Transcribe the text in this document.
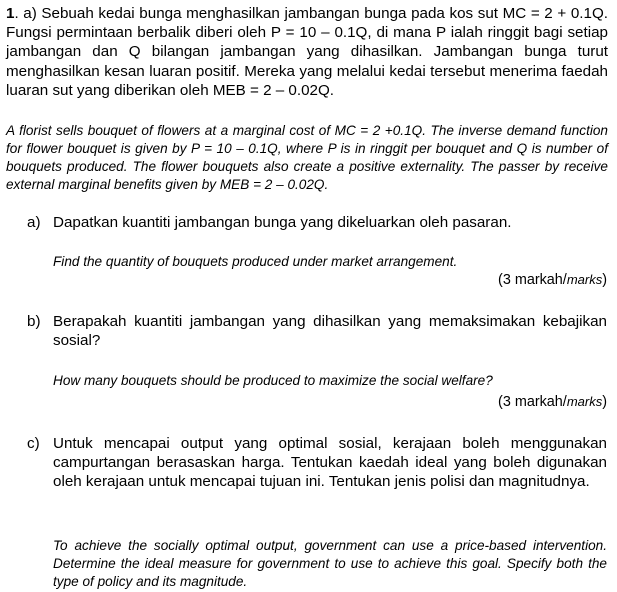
1. a) Sebuah kedai bunga menghasilkan jambangan bunga pada kos sut MC = 2 + 0.1Q. Fungsi permintaan berbalik diberi oleh P = 10 – 0.1Q, di mana P ialah ringgit bagi setiap jambangan dan Q bilangan jambangan yang dihasilkan. Jambangan bunga turut menghasilkan kesan luaran positif. Mereka yang melalui kedai tersebut menerima faedah luaran sut yang diberikan oleh MEB = 2 – 0.02Q.

A florist sells bouquet of flowers at a marginal cost of MC = 2 +0.1Q. The inverse demand function for flower bouquet is given by P = 10 – 0.1Q, where P is in ringgit per bouquet and Q is number of bouquets produced. The flower bouquets also create a positive externality. The passer by receive external marginal benefits given by MEB = 2 – 0.02Q.

a) Dapatkan kuantiti jambangan bunga yang dikeluarkan oleh pasaran.

Find the quantity of bouquets produced under market arrangement.

(3 markah/marks)
b) Berapakah kuantiti jambangan yang dihasilkan yang memaksimakan kebajikan sosial?

How many bouquets should be produced to maximize the social welfare?

(3 markah/marks)
c) Untuk mencapai output yang optimal sosial, kerajaan boleh menggunakan campurtangan berasaskan harga. Tentukan kaedah ideal yang boleh digunakan oleh kerajaan untuk mencapai tujuan ini. Tentukan jenis polisi dan magnitudnya.

To achieve the socially optimal output, government can use a price-based intervention. Determine the ideal measure for government to use to achieve this goal. Specify both the type of policy and its magnitude.
